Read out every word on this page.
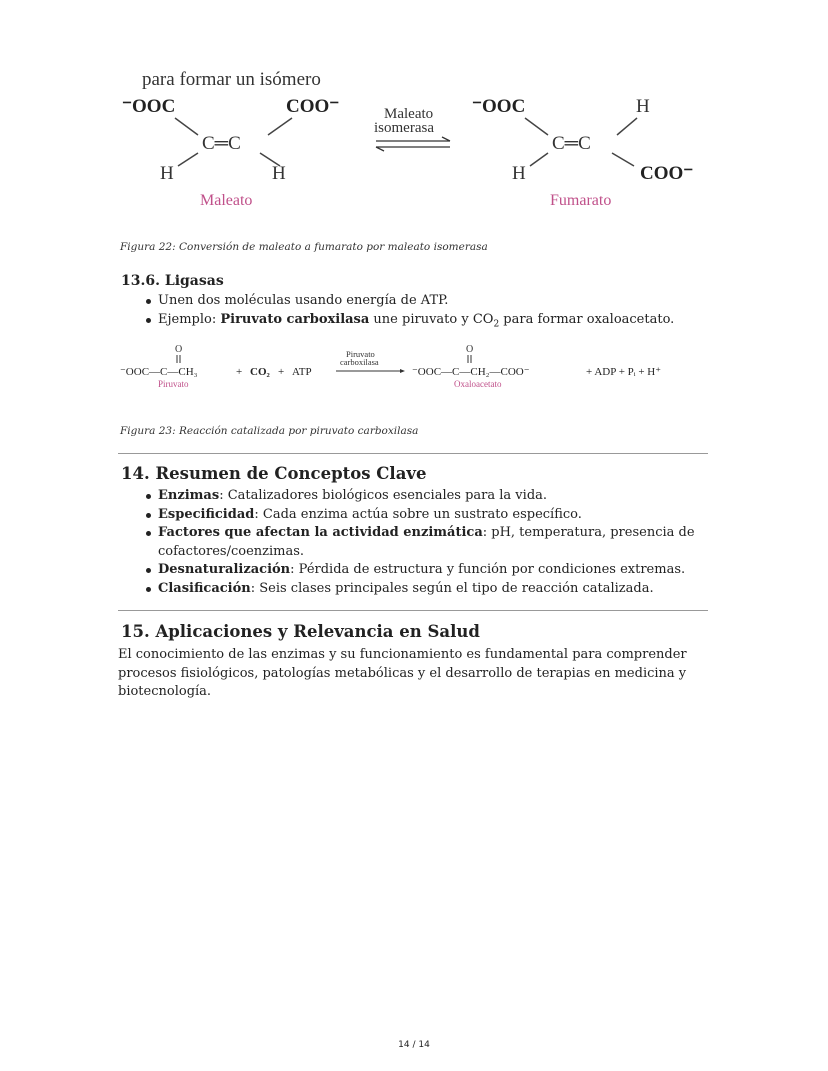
para formar un isómero
⁻OOC	COO⁻
C═C
H	H
Maleato
Maleato
isomerasa
⁻OOC	H
C═C
H	COO⁻
Fumarato
Figura 22: Conversión de maleato a fumarato por maleato isomerasa
13.6. Ligasas
Unen dos moléculas usando energía de ATP.
Ejemplo: Piruvato carboxilasa une piruvato y $CO_2$ para formar oxaloacetato.
O
⁻OOC—C—CH₃
Piruvato
+ CO₂ + ATP
Piruvato
carboxilasa
O
⁻OOC—C—CH₂—COO⁻
Oxaloacetato
+ ADP + Pᵢ + H⁺
Figura 23: Reacción catalizada por piruvato carboxilasa
14. Resumen de Conceptos Clave
Enzimas: Catalizadores biológicos esenciales para la vida.
Especificidad: Cada enzima actúa sobre un sustrato específico.
Factores que afectan la actividad enzimática: pH, temperatura, presencia de cofactores/coenzimas.
Desnaturalización: Pérdida de estructura y función por condiciones extremas.
Clasificación: Seis clases principales según el tipo de reacción catalizada.
15. Aplicaciones y Relevancia en Salud
El conocimiento de las enzimas y su funcionamiento es fundamental para comprender procesos fisiológicos, patologías metabólicas y el desarrollo de terapias en medicina y biotecnología.
14 / 14
